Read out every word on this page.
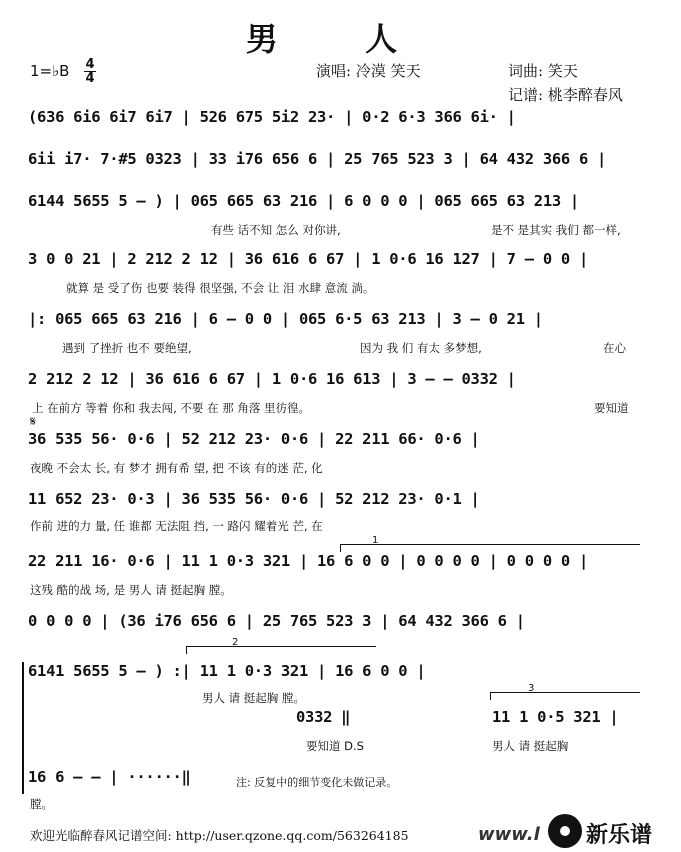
男 人
1=♭B 4
4	演唱: 冷漠 笑天	词曲: 笑天
记谱: 桃李醉春风
(636 6i6 6i7 6i7 | 526 675 5i2 23· | 0·2 6·3 366 6i· |
6ii i7· 7·#5 0323 | 33 i76 656 6 | 25 765 523 3 | 64 432 366 6 |
6144 5655 5 – ) | 065 665 63 216 | 6 0 0 0 | 065 665 63 213 |
有些 话不知 怎么 对你讲,	是不 是其实 我们 都一样,
3 0 0 21 | 2 212 2 12 | 36 616 6 67 | 1 0·6 16 127 | 7 – 0 0 |
就算 是 受了伤 也要 装得 很坚强, 不会 让 泪 水肆 意流 淌。
|: 065 665 63 216 | 6 – 0 0 | 065 6·5 63 213 | 3 – 0 21 |
遇到 了挫折 也不 要绝望,	因为 我 们 有太 多梦想,	在心
2 212 2 12 | 36 616 6 67 | 1 0·6 16 613 | 3 – – 0332 |
上 在前方 等着 你和 我去闯, 不要 在 那 角落 里彷徨。	要知道
𝄋
36 535 56· 0·6 | 52 212 23· 0·6 | 22 211 66· 0·6 |
夜晚 不会太 长, 有 梦才 拥有希 望, 把 不该 有的迷 茫, 化
11 652 23· 0·3 | 36 535 56· 0·6 | 52 212 23· 0·1 |
作前 进的力 量, 任 谁都 无法阻 挡, 一 路闪 耀着光 芒, 在
1
22 211 16· 0·6 | 11 1 0·3 321 | 16 6 0 0 | 0 0 0 0 | 0 0 0 0 |
这残 酷的战 场, 是 男人 请 挺起胸 膛。
0 0 0 0 | (36 i76 656 6 | 25 765 523 3 | 64 432 366 6 |
2
6141 5655 5 – ) :| 11 1 0·3 321 | 16 6 0 0 |
男人 请 挺起胸 膛。
0332 ‖
要知道 D.S
3
11 1 0·5 321 |
男人 请 挺起胸
16 6 – – | ······‖
膛。
注: 反复中的细节变化未做记录。
欢迎光临醉春风记谱空间: http://user.qzone.qq.com/563264185	www.l 新乐谱
